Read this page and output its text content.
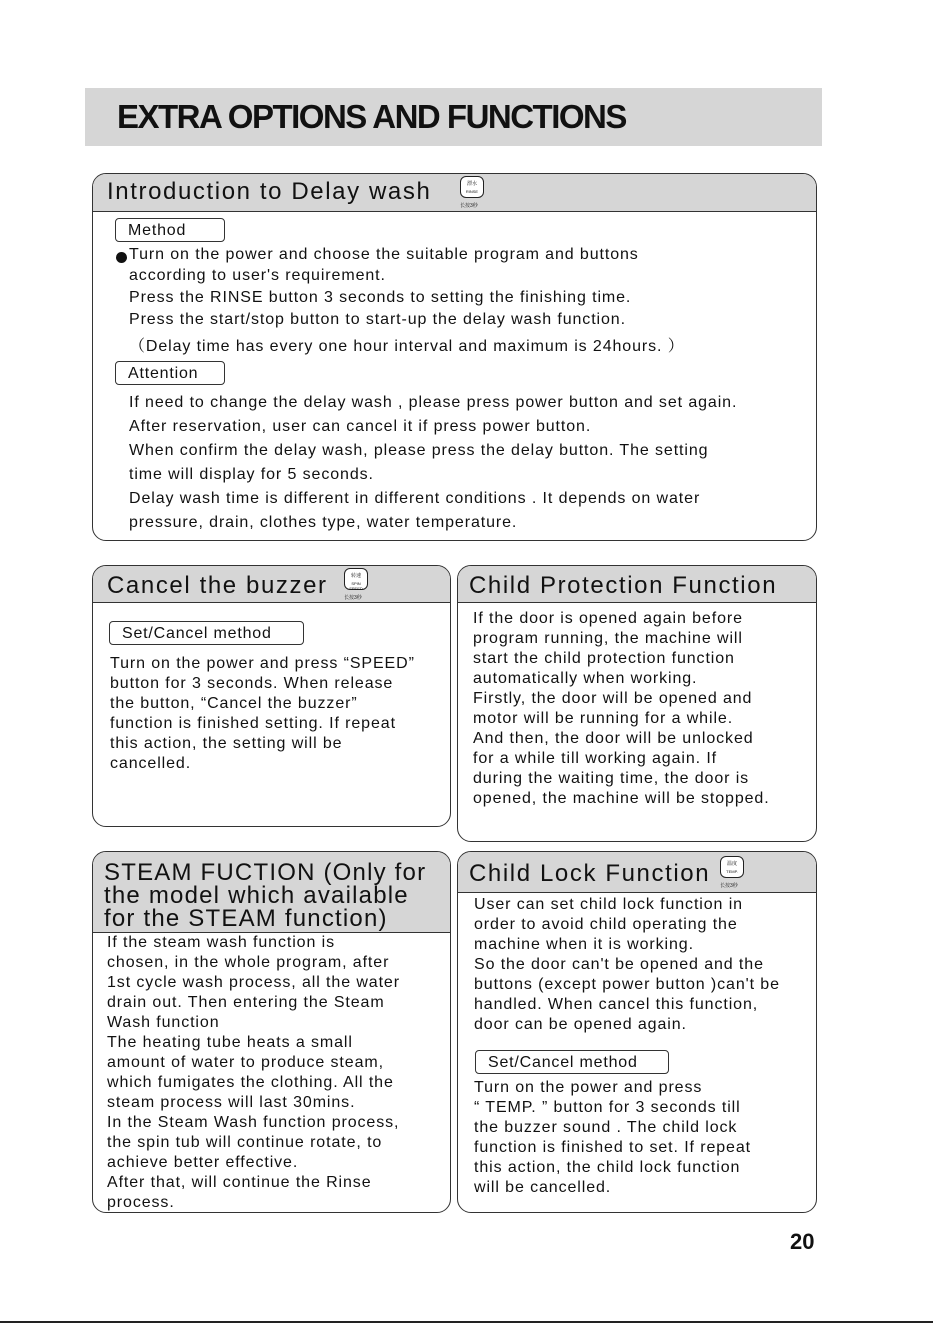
EXTRA OPTIONS AND FUNCTIONS
Introduction to Delay wash	漂水
RINSE
长按3秒
Method
Turn on the power and choose the suitable program and buttons
according to user's requirement.
Press the RINSE button 3 seconds to setting the finishing time.
Press the start/stop button to start-up the delay wash function.
（Delay time has every one hour interval and maximum is 24hours. ）
Attention
If need to change the delay wash , please press power button and set again.
After reservation, user can cancel it if press power button.
When confirm the delay wash, please press the delay button. The setting
time will display for 5 seconds.
Delay wash time is different in different conditions . It depends on water
pressure, drain, clothes type, water temperature.
Cancel the buzzer	转速
SPIN SPEED
长按3秒
Set/Cancel method
Turn on the power and press “SPEED”
button for 3 seconds. When release
the button, “Cancel the buzzer”
function is finished setting. If repeat
this action, the setting will be
cancelled.
Child Protection Function
If the door is opened again before
program running, the machine will
start the child protection function
automatically when working.
Firstly, the door will be opened and
motor will be running for a while.
And then, the door will be unlocked
for a while till working again. If
during the waiting time, the door is
opened, the machine will be stopped.
STEAM FUCTION (Only for
the model which available
for the STEAM function)
If the steam wash function is
chosen, in the whole program, after
1st cycle wash process, all the water
drain out. Then entering the Steam
Wash function
The heating tube heats a small
amount of water to produce steam,
which fumigates the clothing. All the
steam process will last 30mins.
In the Steam Wash function process,
the spin tub will continue rotate, to
achieve better effective.
After that, will continue the Rinse
process.
Child Lock Function	温度
TEMP.
长按3秒
User can set child lock function in
order to avoid child operating the
machine when it is working.
So the door can't be opened and the
buttons (except power button )can't be
handled. When cancel this function,
door can be opened again.
Set/Cancel method
Turn on the power and press
“ TEMP. ” button for 3 seconds till
the buzzer sound . The child lock
function is finished to set. If repeat
this action, the child lock function
will be cancelled.
20
